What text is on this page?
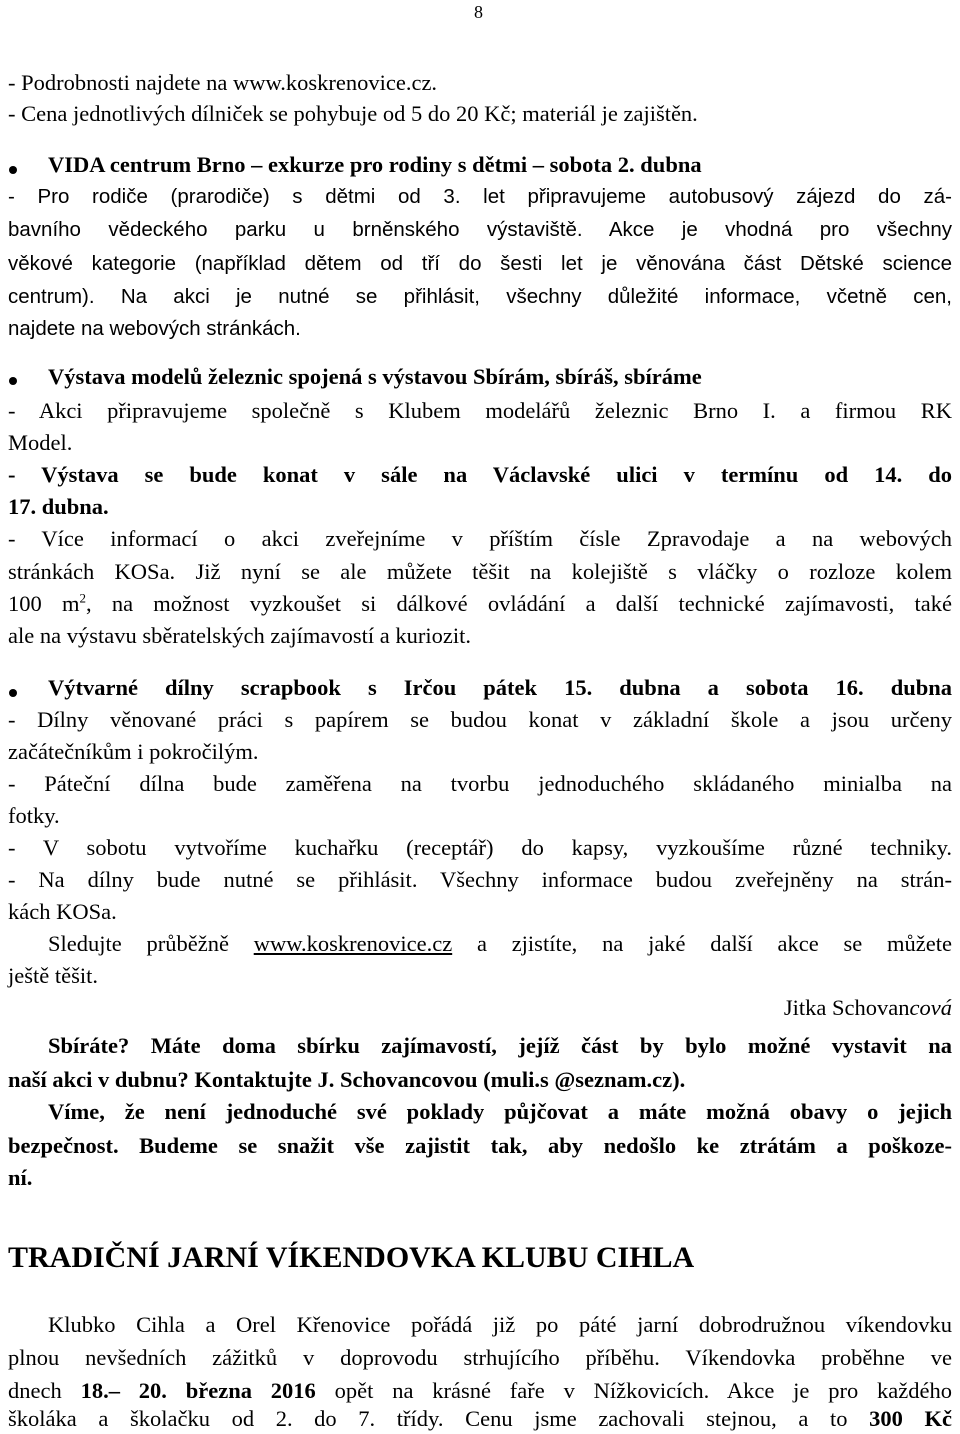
8
- Podrobnosti najdete na www.koskrenovice.cz.
- Cena jednotlivých dílniček se pohybuje od 5 do 20 Kč; materiál je zajištěn.
VIDA centrum Brno – exkurze pro rodiny s dětmi – sobota 2. dubna
- Pro rodiče (prarodiče) s dětmi od 3. let připravujeme autobusový zájezd do zá-
bavního vědeckého parku u brněnského výstaviště. Akce je vhodná pro všechny
věkové kategorie (například dětem od tří do šesti let je věnována část Dětské science
centrum). Na akci je nutné se přihlásit, všechny důležité informace, včetně cen,
najdete na webových stránkách.
Výstava modelů železnic spojená s výstavou Sbírám, sbíráš, sbíráme
- Akci připravujeme společně s Klubem modelářů železnic Brno I. a firmou RK
Model.
- Výstava se bude konat v sále na Václavské ulici v termínu od 14. do
17. dubna.
- Více informací o akci zveřejníme v příštím čísle Zpravodaje a na webových
stránkách KOSa. Již nyní se ale můžete těšit na kolejiště s vláčky o rozloze kolem
100 $m^2$, na možnost vyzkoušet si dálkové ovládání a další technické zajímavosti, také
ale na výstavu sběratelských zajímavostí a kuriozit.
Výtvarné dílny scrapbook s Irčou pátek 15. dubna a sobota 16. dubna
- Dílny věnované práci s papírem se budou konat v základní škole a jsou určeny
začátečníkům i pokročilým.
- Páteční dílna bude zaměřena na tvorbu jednoduchého skládaného minialba na
fotky.
- V sobotu vytvoříme kuchařku (receptář) do kapsy, vyzkoušíme různé techniky.
- Na dílny bude nutné se přihlásit. Všechny informace budou zveřejněny na strán-
kách KOSa.
Sledujte průběžně www.koskrenovice.cz a zjistíte, na jaké další akce se můžete
ještě těšit.
Jitka Schovancová
Sbíráte? Máte doma sbírku zajímavostí, jejíž část by bylo možné vystavit na
naší akci v dubnu? Kontaktujte J. Schovancovou (muli.s @seznam.cz).
Víme, že není jednoduché své poklady půjčovat a máte možná obavy o jejich
bezpečnost. Budeme se snažit vše zajistit tak, aby nedošlo ke ztrátám a poškoze-
ní.
TRADIČNÍ JARNÍ VÍKENDOVKA KLUBU CIHLA
Klubko Cihla a Orel Křenovice pořádá již po páté jarní dobrodružnou víkendovku
plnou nevšedních zážitků v doprovodu strhujícího příběhu. Víkendovka proběhne ve
dnech 18.– 20. března 2016 opět na krásné faře v Nížkovicích. Akce je pro každého
školáka a školačku od 2. do 7. třídy. Cenu jsme zachovali stejnou, a to 300 Kč
